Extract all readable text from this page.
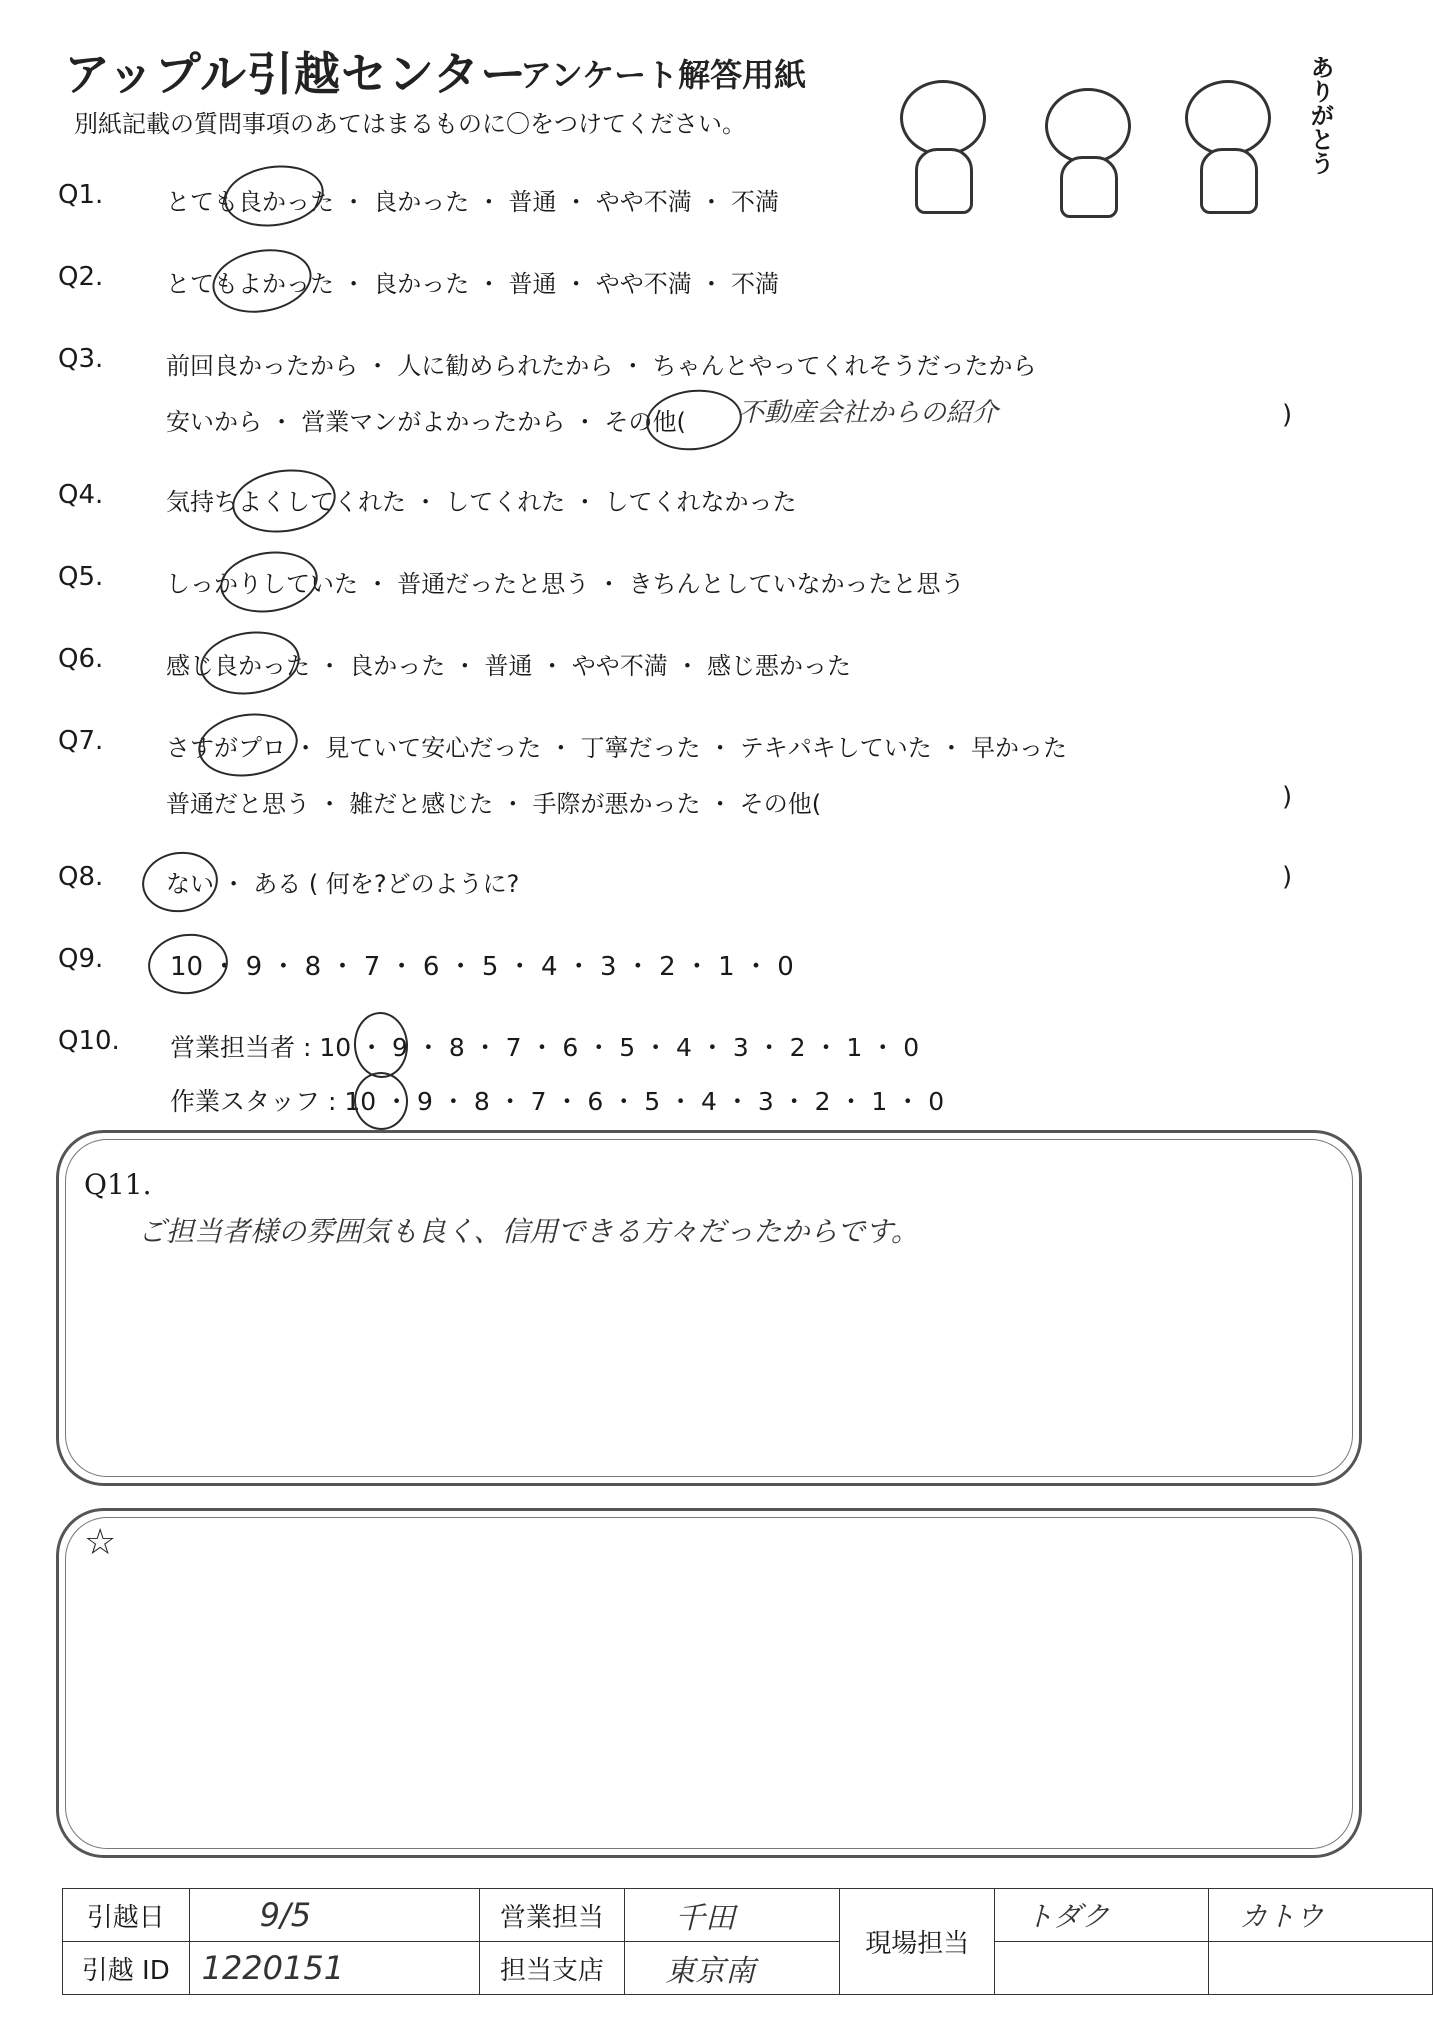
アップル引越センター
アンケート解答用紙
別紙記載の質問事項のあてはまるものに〇をつけてください。	ありがとう
Q1.	とても良かった ・ 良かった ・ 普通 ・ やや不満 ・ 不満
Q2.	とてもよかった ・ 良かった ・ 普通 ・ やや不満 ・ 不満
Q3.	前回良かったから ・ 人に勧められたから ・ ちゃんとやってくれそうだったから
安いから ・ 営業マンがよかったから ・ その他( 不動産会社からの紹介	)
Q4.	気持ちよくしてくれた ・ してくれた ・ してくれなかった
Q5.	しっかりしていた ・ 普通だったと思う ・ きちんとしていなかったと思う
Q6.	感じ良かった ・ 良かった ・ 普通 ・ やや不満 ・ 感じ悪かった
Q7.	さすがプロ ・ 見ていて安心だった ・ 丁寧だった ・ テキパキしていた ・ 早かった
普通だと思う ・ 雑だと感じた ・ 手際が悪かった ・ その他(	)
Q8.	ない ・ ある ( 何を?どのように?	)
Q9.	10 ・ 9 ・ 8 ・ 7 ・ 6 ・ 5 ・ 4 ・ 3 ・ 2 ・ 1 ・ 0
Q10. 営業担当者 : 10 ・ 9 ・ 8 ・ 7 ・ 6 ・ 5 ・ 4 ・ 3 ・ 2 ・ 1 ・ 0
作業スタッフ : 10 ・ 9 ・ 8 ・ 7 ・ 6 ・ 5 ・ 4 ・ 3 ・ 2 ・ 1 ・ 0
Q11.
ご担当者様の雰囲気も良く、信用できる方々だったからです。
☆
引越日	9/5	営業担当	千田	現場担当	トダク	カトウ
引越 ID	1220151	担当支店	東京南			
